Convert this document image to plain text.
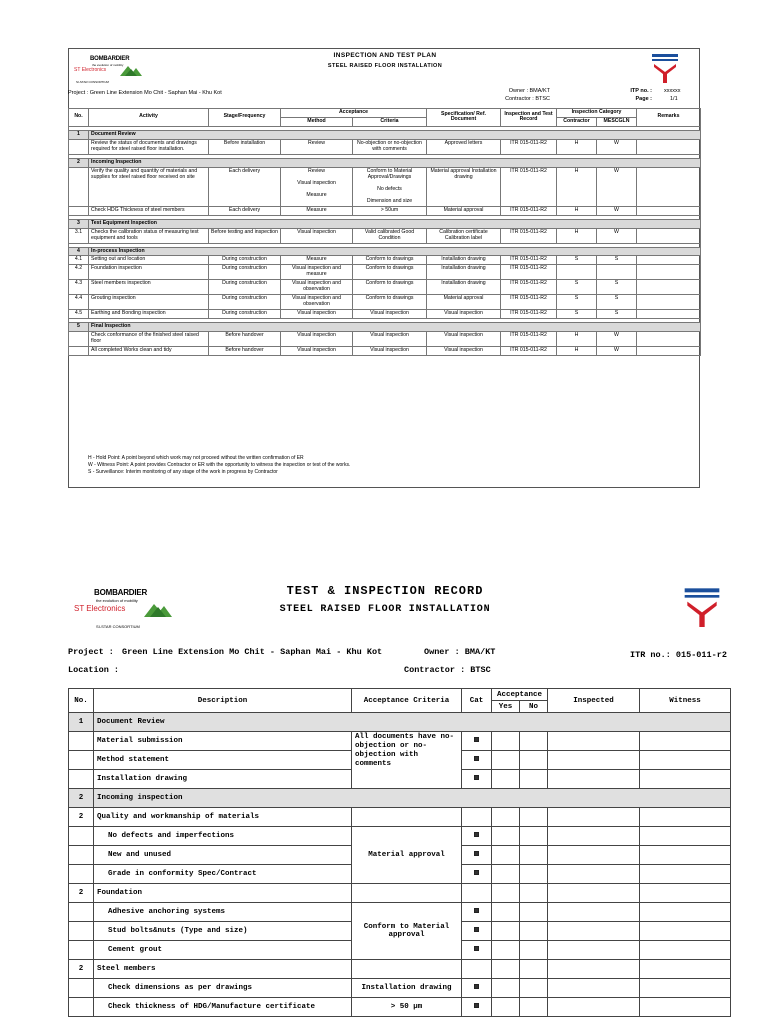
BOMBARDIER
the evolution of mobility
ST Electronics
SI-STAR CONSORTIUM
INSPECTION AND TEST PLAN
STEEL RAISED FLOOR INSTALLATION
Project : Green Line Extension Mo Chit - Saphan Mai - Khu Kot	Owner : BMA/KT
Contractor : BTSC
ITP no. : xxxxxx
Page :	1/1
No.	Activity	Stage/Frequency	Acceptance		Specification/ Ref. Document	Inspection and Test Record	Inspection Category		Remarks
			Method	Criteria			Contractor	MESCGLN	

1	Document Review								
	Review the status of documents and drawings required for steel raised floor installation.	Before installation	Review	No-objection or no-objection with comments	Approved letters	ITR 015-011-R2	H	W	

2	Incoming Inspection								
	Verify the quality and quantity of materials and supplies for steel raised floor received on site	Each delivery	Review

Visual inspection

Measure	Conform to Material Approval/Drawings

No defects

Dimension and size	Material approval Installation drawing	ITR 015-011-R2	H	W	
	Check HDG Thickness of steel members	Each delivery	Measure	> 50um	Material approval	ITR 015-011-R2	H	W	

3	Test Equipment Inspection								
3.1	Checks the calibration status of measuring test equipment and tools	Before testing and inspection	Visual inspection	Valid calibrated Good Condition	Calibration certificate Calibration label	ITR 015-011-R2	H	W	

4	In-process Inspection								
4.1	Setting out and location	During construction	Measure	Conform to drawings	Installation drawing	ITR 015-011-R2	S	S	
4.2	Foundation inspection	During construction	Visual inspection and measure	Conform to drawings	Installation drawing	ITR 015-011-R2			
4.3	Steel members inspection	During construction	Visual inspection and observation	Conform to drawings	Installation drawing	ITR 015-011-R2	S	S	
4.4	Grouting inspection	During construction	Visual inspection and observation	Conform to drawings	Material approval	ITR 015-011-R2	S	S	
4.5	Earthing and Bonding inspection	During construction	Visual inspection	Visual inspection	Visual inspection	ITR 015-011-R2	S	S	

5	Final Inspection								
	Check conformance of the finished steel raised floor	Before handover	Visual inspection	Visual inspection	Visual inspection	ITR 015-011-R2	H	W	
	All completed Works clean and tidy	Before handover	Visual inspection	Visual inspection	Visual inspection	ITR 015-011-R2	H	W	
H - Hold Point: A point beyond which work may not proceed without the written confirmation of ER
W - Witness Point: A point provides Contractor or ER with the opportunity to witness the inspection or test of the works.
S - Surveillance: Interim monitoring of any stage of the work in progress by Contractor
BOMBARDIER
the evolution of mobility
ST Electronics
SI-STAR CONSORTIUM
TEST & INSPECTION RECORD
STEEL RAISED FLOOR INSTALLATION
Project : Green Line Extension Mo Chit - Saphan Mai - Khu Kot	Owner : BMA/KT	ITR no.: 015-011-r2
Location :	Contractor : BTSC
No.	Description	Acceptance Criteria	Cat	Acceptance		Inspected	Witness
				Yes	No		
1	Document Review						
	Material submission	All documents have no-objection or no-objection with comments					
	Method statement						
	Installation drawing						
2	Incoming inspection						
2	Quality and workmanship of materials						
	No defects and imperfections	Material approval					
	New and unused						
	Grade in conformity Spec/Contract						
2	Foundation						
	Adhesive anchoring systems	Conform to Material approval					
	Stud bolts&nuts (Type and size)						
	Cement grout						
2	Steel members						
	Check dimensions as per drawings	Installation drawing					
	Check thickness of HDG/Manufacture certificate	> 50 µm					
